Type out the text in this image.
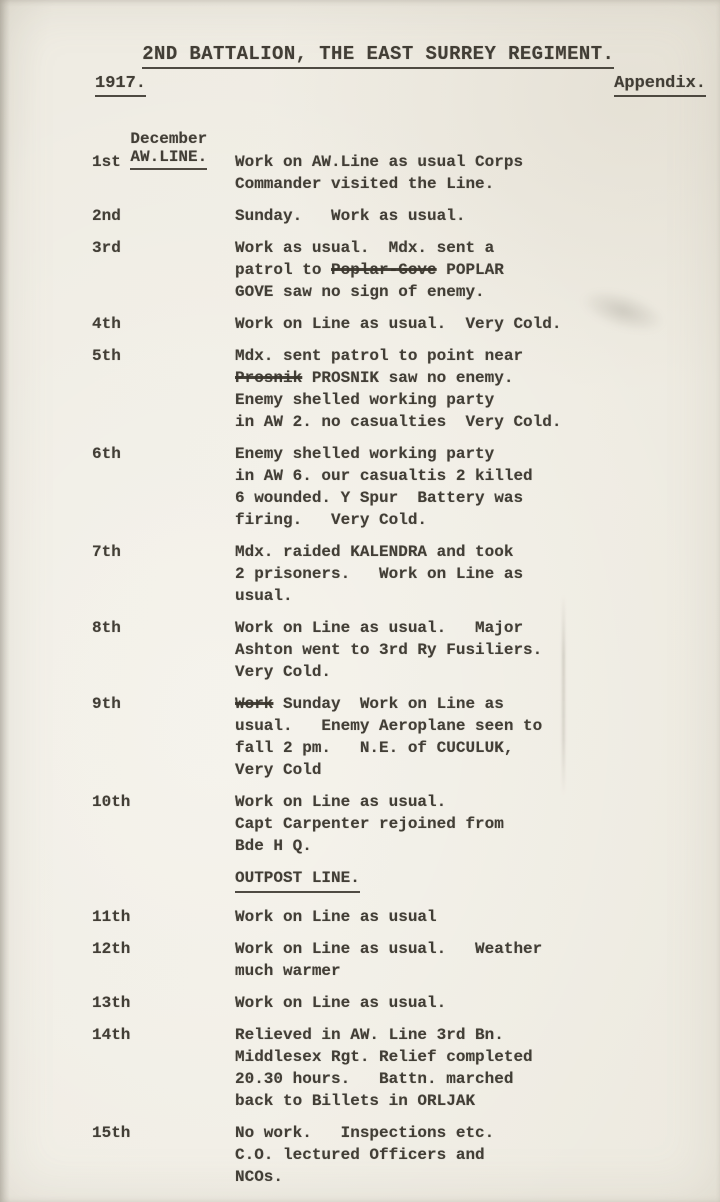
2ND BATTALION, THE EAST SURREY REGIMENT.

1917.	Appendix.

December
AW.LINE.

1st	Work on AW.Line as usual Corps
Commander visited the Line.
2nd	Sunday.   Work as usual.
3rd	Work as usual.  Mdx. sent a
patrol to Poplar-Gove POPLAR
GOVE saw no sign of enemy.
4th	Work on Line as usual.  Very Cold.
5th	Mdx. sent patrol to point near
Prosnik PROSNIK saw no enemy.
Enemy shelled working party
in AW 2. no casualties  Very Cold.
6th	Enemy shelled working party
in AW 6. our casualtis 2 killed
6 wounded. Y Spur  Battery was
firing.   Very Cold.
7th	Mdx. raided KALENDRA and took
2 prisoners.   Work on Line as
usual.
8th	Work on Line as usual.   Major
Ashton went to 3rd Ry Fusiliers.
Very Cold.
9th	Work Sunday  Work on Line as
usual.   Enemy Aeroplane seen to
fall 2 pm.   N.E. of CUCULUK,
Very Cold
10th	Work on Line as usual.
Capt Carpenter rejoined from
Bde H Q.
OUTPOST LINE.
11th	Work on Line as usual
12th	Work on Line as usual.   Weather
much warmer
13th	Work on Line as usual.
14th	Relieved in AW. Line 3rd Bn.
Middlesex Rgt. Relief completed
20.30 hours.   Battn. marched
back to Billets in ORLJAK
15th	No work.   Inspections etc.
C.O. lectured Officers and
NCOs.
